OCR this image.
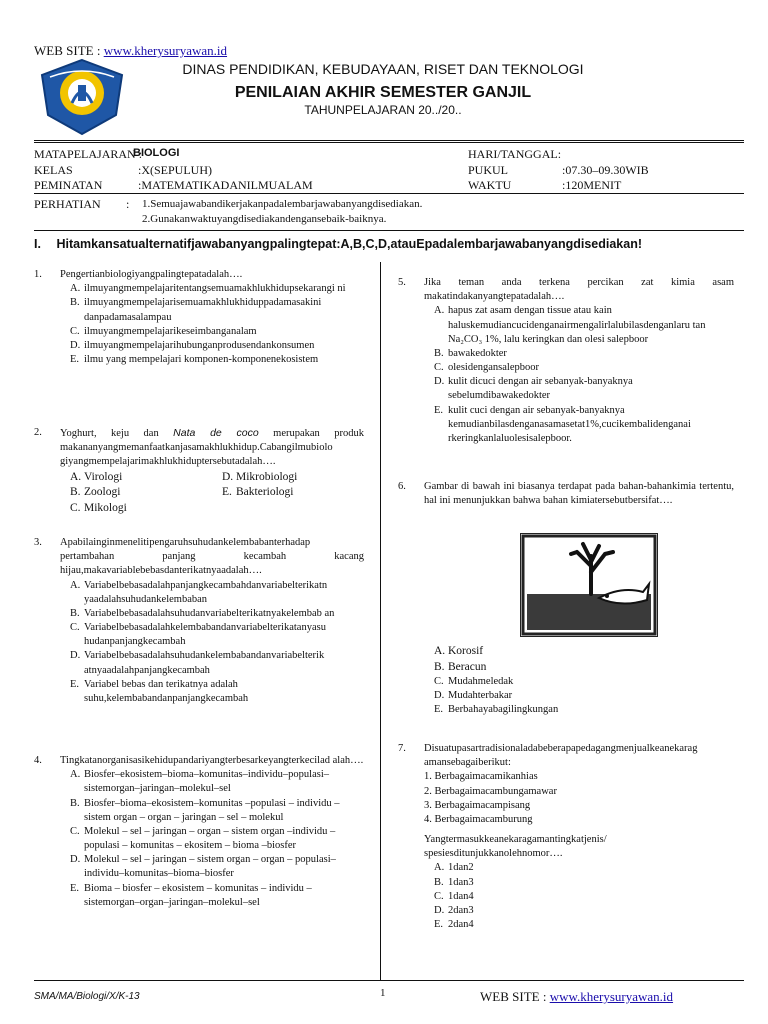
WEB SITE : www.kherysuryawan.id
DINAS PENDIDIKAN, KEBUDAYAAN, RISET DAN TEKNOLOGI
PENILAIAN AKHIR SEMESTER GANJIL
TAHUNPELAJARAN 20../20..
MATAPELAJARAN :
BIOLOGI
KELAS	:X(SEPULUH)
PEMINATAN	:MATEMATIKADANILMUALAM
HARI/TANGGAL:
PUKUL	:07.30–09.30WIB
WAKTU	:120MENIT
PERHATIAN : 1.Semuajawabandikerjakanpadalembarjawabanyangdisediakan.
2.Gunakanwaktuyangdisediakandengansebaik-baiknya.
I. Hitamkansatualternatifjawabanyangpalingtepat:A,B,C,D,atauEpadalembarjawabanyangdisediakan!
1. Pengertianbiologiyangpalingtepatadalah….
A. ilmuyangmempelajaritentangsemuamakhlukhidupsekarangi ni
B. ilmuyangmempelajarisemuamakhlukhiduppadamasakini danpadamasalampau
C. ilmuyangmempelajarikeseimbanganalam
D. ilmuyangmempelajarihubunganprodusendankonsumen
E. ilmu yang mempelajari komponen-komponenekosistem
2. Yoghurt, keju dan Nata de coco merupakan produk makananyangmemanfaatkanjasamakhlukhidup.Cabangilmubiolo giyangmempelajarimakhlukhiduptersebutadalah….
A. Virologi	D. Mikrobiologi
B. Zoologi	E. Bakteriologi
C. Mikologi
3. Apabilainginmenelitipengaruhsuhudankelembabanterhadap pertambahan panjang kecambah kacang hijau,makavariablebebasdanterikatnyaadalah….
A. Variabelbebasadalahpanjangkecambahdanvariabelterikatn yaadalahsuhudankelembaban
B. Variabelbebasadalahsuhudanvariabelterikatnyakelembab an
C. Variabelbebasadalahkelembabandanvariabelterikatanyasu hudanpanjangkecambah
D. Variabelbebasadalahsuhudankelembabandanvariabelterik atnyaadalahpanjangkecambah
E. Variabel bebas dan terikatnya adalah suhu,kelembabandanpanjangkecambah
4. Tingkatanorganisasikehidupandariyangterbesarkeyangterkecilad alah….
A. Biosfer–ekosistem–bioma–komunitas–individu–populasi–sistemorgan–jaringan–molekul–sel
B. Biosfer–bioma–ekosistem–komunitas –populasi – individu – sistem organ – organ – jaringan – sel – molekul
C. Molekul – sel – jaringan – organ – sistem organ –individu – populasi – komunitas – ekositem – bioma –biosfer
D. Molekul – sel – jaringan – sistem organ – organ – populasi–individu–komunitas–bioma–biosfer
E. Bioma – biosfer – ekosistem – komunitas – individu – sistemorgan–organ–jaringan–molekul–sel
5. Jika teman anda terkena percikan zat kimia asam makatindakanyangtepatadalah….
A. hapus zat asam dengan tissue atau kain haluskemudiancucidenganairmengalirlalubilasdenganlaru tan Na₂CO₃ 1%, lalu keringkan dan olesi salepboor
B. bawakedokter
C. olesidengansalepboor
D. kulit dicuci dengan air sebanyak-banyaknya sebelumdibawakedokter
E. kulit cuci dengan air sebanyak-banyaknya kemudianbilasdenganasamasetat1%,cucikembalidenganai rkeringkanlaluolesisalepboor.
6. Gambar di bawah ini biasanya terdapat pada bahan-bahankimia tertentu, hal ini menunjukkan bahwa bahan kimiatersebutbersifat….
A. Korosif
B. Beracun
C. Mudahmeledak
D. Mudahterbakar
E. Berbahayabagilingkungan
7. Disuatupasartradisionaladabeberapapedagangmenjualkeanekarag amansebagaiberikut:
1. Berbagaimacamikanhias
2. Berbagaimacambungamawar
3. Berbagaimacampisang
4. Berbagaimacamburung
Yangtermasukkeanekaragamantingkatjenis/ spesiesditunjukkanolehnomor….
A. 1dan2
B. 1dan3
C. 1dan4
D. 2dan3
E. 2dan4
SMA/MA/Biologi/X/K-13	1	WEB SITE : www.kherysuryawan.id
